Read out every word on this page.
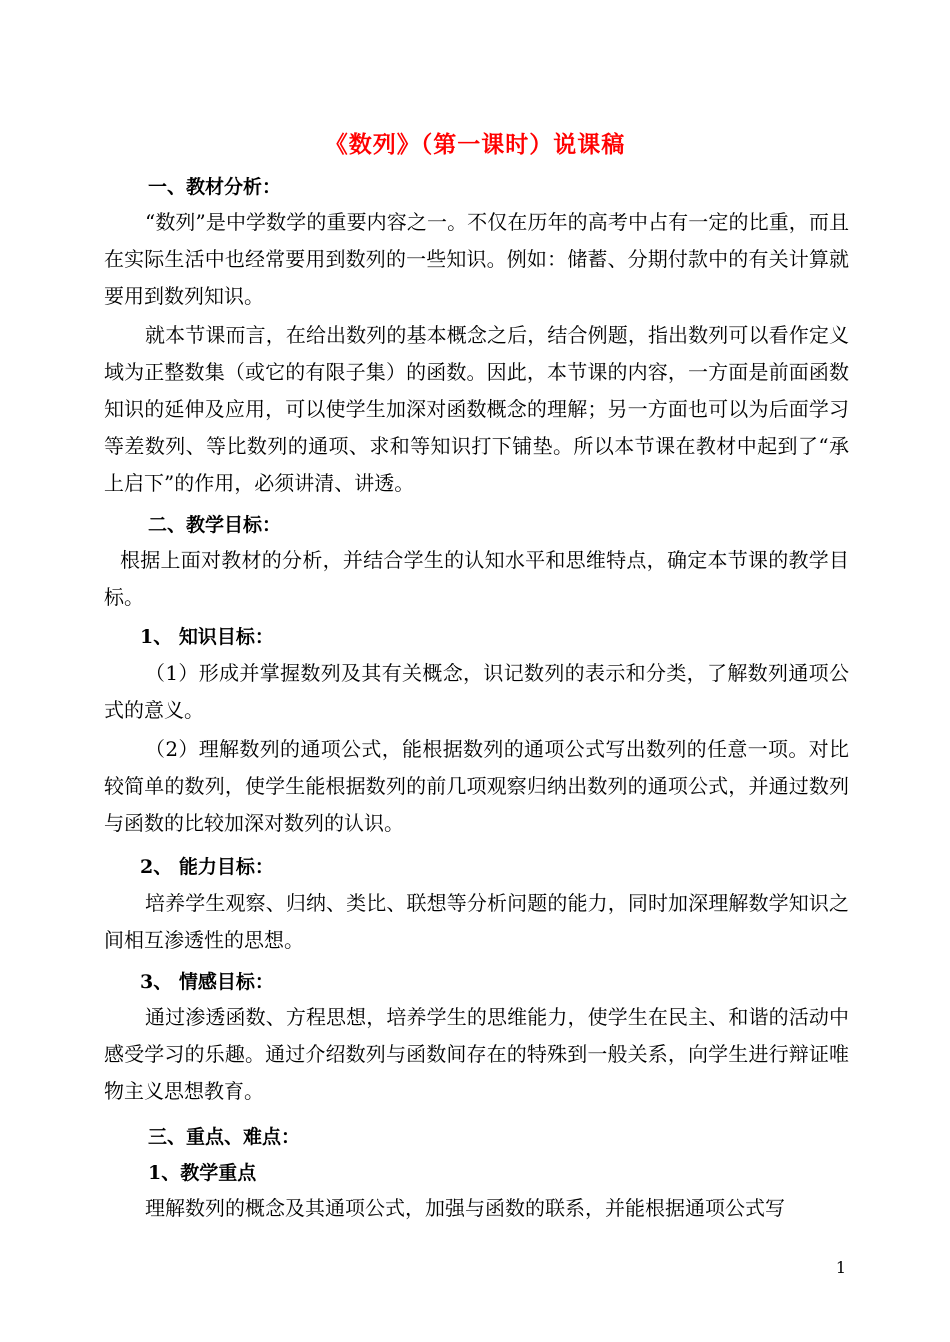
《数列》（第一课时）说课稿
一、教材分析：
“数列”是中学数学的重要内容之一。不仅在历年的高考中占有一定的比重，而且在实际生活中也经常要用到数列的一些知识。例如：储蓄、分期付款中的有关计算就要用到数列知识。
就本节课而言，在给出数列的基本概念之后，结合例题，指出数列可以看作定义域为正整数集（或它的有限子集）的函数。因此，本节课的内容，一方面是前面函数知识的延伸及应用，可以使学生加深对函数概念的理解；另一方面也可以为后面学习等差数列、等比数列的通项、求和等知识打下铺垫。所以本节课在教材中起到了“承上启下”的作用，必须讲清、讲透。
二、教学目标：
根据上面对教材的分析，并结合学生的认知水平和思维特点，确定本节课的教学目标。
1、 知识目标：
（1）形成并掌握数列及其有关概念，识记数列的表示和分类，了解数列通项公式的意义。
（2）理解数列的通项公式，能根据数列的通项公式写出数列的任意一项。对比较简单的数列，使学生能根据数列的前几项观察归纳出数列的通项公式，并通过数列与函数的比较加深对数列的认识。
2、 能力目标：
培养学生观察、归纳、类比、联想等分析问题的能力，同时加深理解数学知识之间相互渗透性的思想。
3、 情感目标：
通过渗透函数、方程思想，培养学生的思维能力，使学生在民主、和谐的活动中感受学习的乐趣。通过介绍数列与函数间存在的特殊到一般关系，向学生进行辩证唯物主义思想教育。
三、重点、难点：
1、教学重点
理解数列的概念及其通项公式，加强与函数的联系，并能根据通项公式写
1
